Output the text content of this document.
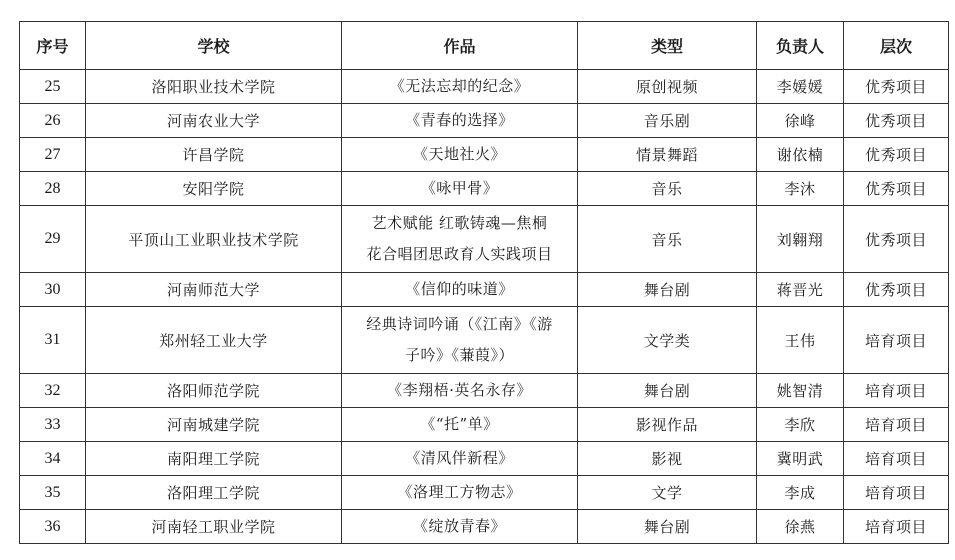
序号	学校	作品	类型	负责人	层次
25	洛阳职业技术学院	《无法忘却的纪念》	原创视频	李媛媛	优秀项目
26	河南农业大学	《青春的选择》	音乐剧	徐峰	优秀项目
27	许昌学院	《天地社火》	情景舞蹈	谢依楠	优秀项目
28	安阳学院	《咏甲骨》	音乐	李沐	优秀项目
29	平顶山工业职业技术学院	艺术赋能 红歌铸魂—焦桐
花合唱团思政育人实践项目	音乐	刘翱翔	优秀项目
30	河南师范大学	《信仰的味道》	舞台剧	蒋晋光	优秀项目
31	郑州轻工业大学	经典诗词吟诵（《江南》《游
子吟》《蒹葭》）	文学类	王伟	培育项目
32	洛阳师范学院	《李翔梧·英名永存》	舞台剧	姚智清	培育项目
33	河南城建学院	《“托”单》	影视作品	李欣	培育项目
34	南阳理工学院	《清风伴新程》	影视	冀明武	培育项目
35	洛阳理工学院	《洛理工方物志》	文学	李成	培育项目
36	河南轻工职业学院	《绽放青春》	舞台剧	徐燕	培育项目
